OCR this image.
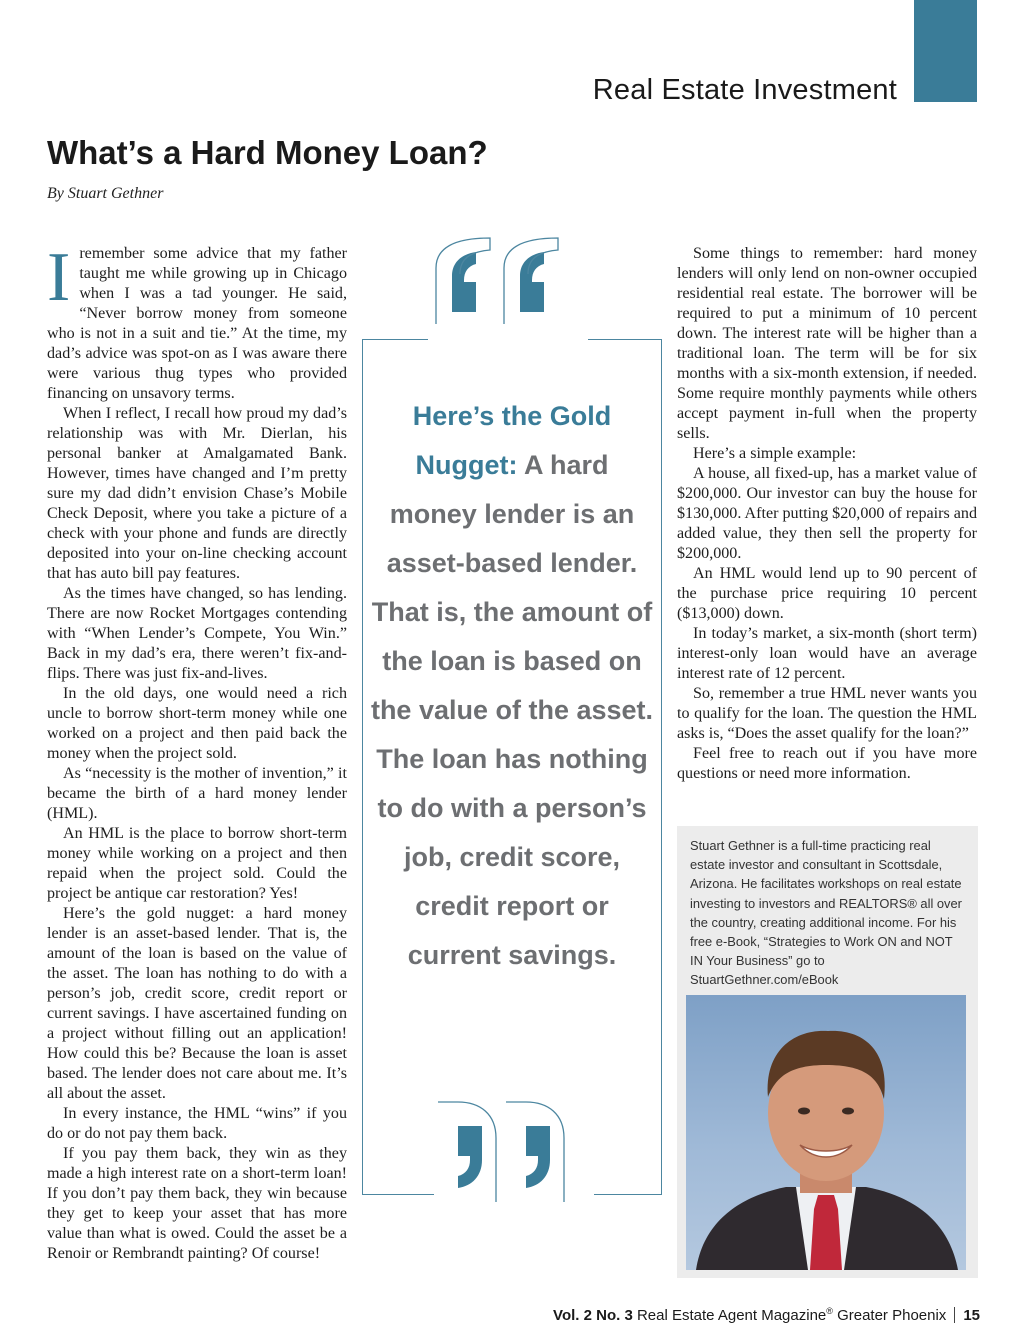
Real Estate Investment
What’s a Hard Money Loan?
By Stuart Gethner

I remember some advice that my father taught me while growing up in Chicago when I was a tad younger. He said, “Never borrow money from someone who is not in a suit and tie.” At the time, my dad’s advice was spot-on as I was aware there were various thug types who provided financing on unsavory terms.

When I reflect, I recall how proud my dad’s relationship was with Mr. Dierlan, his personal banker at Amalgamated Bank. However, times have changed and I’m pretty sure my dad didn’t envision Chase’s Mobile Check Deposit, where you take a picture of a check with your phone and funds are directly deposited into your on-line checking account that has auto bill pay features.

As the times have changed, so has lending. There are now Rocket Mortgages contending with “When Lender’s Compete, You Win.” Back in my dad’s era, there weren’t fix-and-flips. There was just fix-and-lives.

In the old days, one would need a rich uncle to borrow short-term money while one worked on a project and then paid back the money when the project sold.

As “necessity is the mother of invention,” it became the birth of a hard money lender (HML).

An HML is the place to borrow short-term money while working on a project and then repaid when the project sold. Could the project be antique car restoration? Yes!

Here’s the gold nugget: a hard money lender is an asset-based lender. That is, the amount of the loan is based on the value of the asset. The loan has nothing to do with a person’s job, credit score, credit report or current savings. I have ascertained funding on a project without filling out an application! How could this be? Because the loan is asset based. The lender does not care about me. It’s all about the asset.

In every instance, the HML “wins” if you do or do not pay them back.

If you pay them back, they win as they made a high interest rate on a short-term loan! If you don’t pay them back, they win because they get to keep your asset that has more value than what is owed. Could the asset be a Renoir or Rembrandt painting? Of course!

Here’s the Gold Nugget: A hard money lender is an asset-based lender. That is, the amount of the loan is based on the value of the asset. The loan has nothing to do with a person’s job, credit score, credit report or current savings.

Some things to remember: hard money lenders will only lend on non-owner occupied residential real estate. The borrower will be required to put a minimum of 10 percent down. The interest rate will be higher than a traditional loan. The term will be for six months with a six-month extension, if needed. Some require monthly payments while others accept payment in-full when the property sells.

Here’s a simple example:

A house, all fixed-up, has a market value of $200,000. Our investor can buy the house for $130,000. After putting $20,000 of repairs and added value, they then sell the property for $200,000.

An HML would lend up to 90 percent of the purchase price requiring 10 percent ($13,000) down.

In today’s market, a six-month (short term) interest-only loan would have an average interest rate of 12 percent.

So, remember a true HML never wants you to qualify for the loan. The question the HML asks is, “Does the asset qualify for the loan?”

Feel free to reach out if you have more questions or need more information.

Stuart Gethner is a full-time practicing real estate investor and consultant in Scottsdale, Arizona. He facilitates workshops on real estate investing to investors and REALTORS® all over the country, creating additional income. For his free e-Book, “Strategies to Work ON and NOT IN Your Business” go to StuartGethner.com/eBook
Vol. 2 No. 3 Real Estate Agent Magazine® Greater Phoenix 15
